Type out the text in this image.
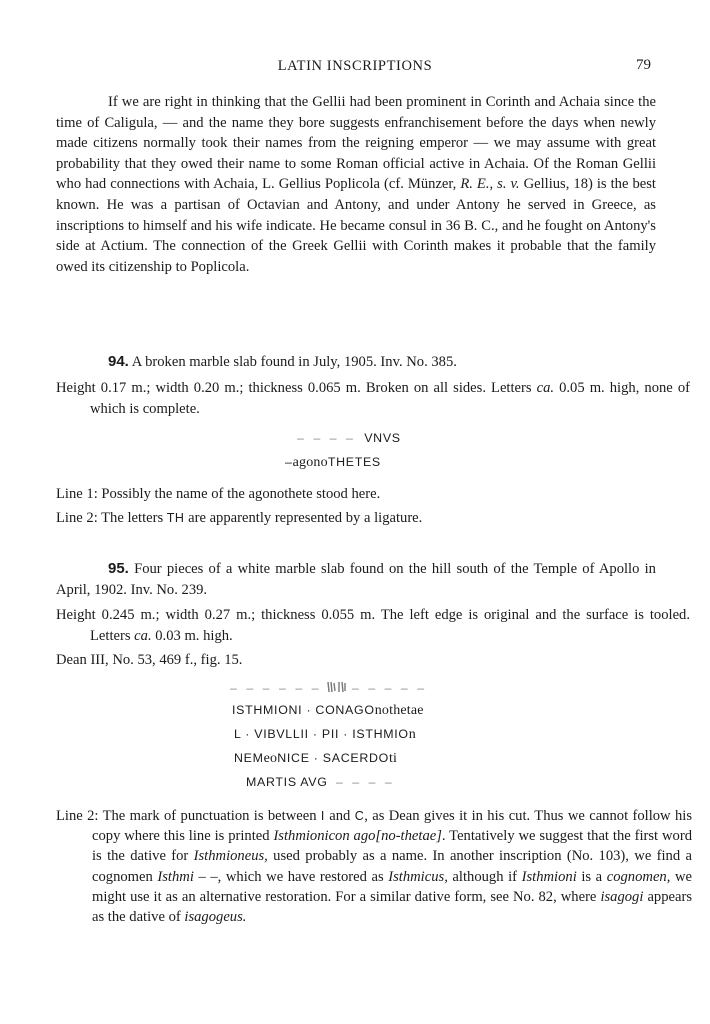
LATIN INSCRIPTIONS	79
If we are right in thinking that the Gellii had been prominent in Corinth and Achaia since the time of Caligula, — and the name they bore suggests enfranchisement before the days when newly made citizens normally took their names from the reigning emperor — we may assume with great probability that they owed their name to some Roman official active in Achaia. Of the Roman Gellii who had connections with Achaia, L. Gellius Poplicola (cf. Münzer, R. E., s. v. Gellius, 18) is the best known. He was a partisan of Octavian and Antony, and under Antony he served in Greece, as inscriptions to himself and his wife indicate. He became consul in 36 B. C., and he fought on Antony's side at Actium. The connection of the Greek Gellii with Corinth makes it probable that the family owed its citizenship to Poplicola.
94. A broken marble slab found in July, 1905. Inv. No. 385.
Height 0.17 m.; width 0.20 m.; thickness 0.065 m. Broken on all sides. Letters ca. 0.05 m. high, none of which is complete.
– – – – VNVS
–agonoTHETES
Line 1: Possibly the name of the agonothete stood here.
Line 2: The letters TH are apparently represented by a ligature.
95. Four pieces of a white marble slab found on the hill south of the Temple of Apollo in April, 1902. Inv. No. 239.
Height 0.245 m.; width 0.27 m.; thickness 0.055 m. The left edge is original and the surface is tooled. Letters ca. 0.03 m. high.
Dean III, No. 53, 469 f., fig. 15.
– – – – – – – – – – –
ISTHMIONI · CONAGOnothetae
L · VIBVLLII · PII · ISTHMIOn
NEMeoNICE · SACERDOti
MARTIS AVG – – – –
Line 2: The mark of punctuation is between I and C, as Dean gives it in his cut. Thus we cannot follow his copy where this line is printed Isthmionicon ago[no-thetae]. Tentatively we suggest that the first word is the dative for Isthmioneus, used probably as a name. In another inscription (No. 103), we find a cognomen Isthmi – –, which we have restored as Isthmicus, although if Isthmioni is a cognomen, we might use it as an alternative restoration. For a similar dative form, see No. 82, where isagogi appears as the dative of isagogeus.
